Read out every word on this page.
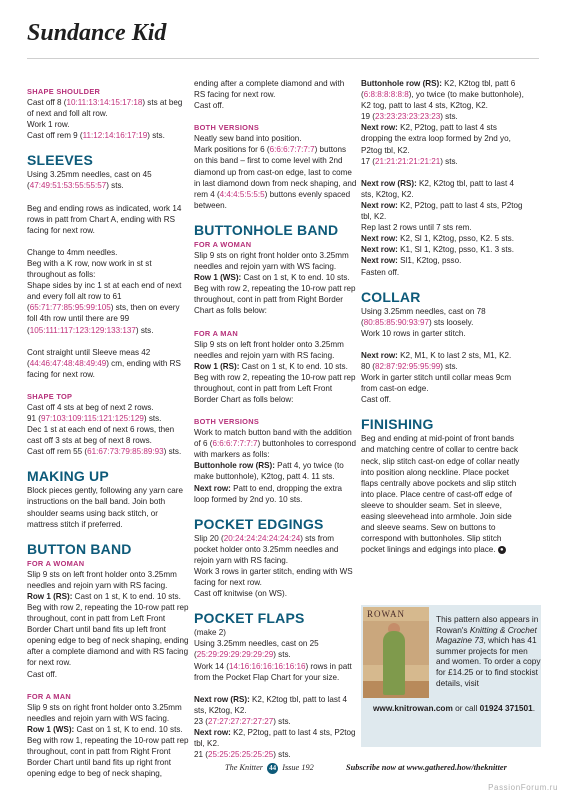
Sundance Kid
SHAPE SHOULDER

Cast off 8 (10:11:13:14:15:17:18) sts at beg of next and foll alt row.
Work 1 row.
Cast off rem 9 (11:12:14:16:17:19) sts.

SLEEVES

Using 3.25mm needles, cast on 45 (47:49:51:53:55:55:57) sts.

Beg and ending rows as indicated, work 14 rows in patt from Chart A, ending with RS facing for next row.

Change to 4mm needles.
Beg with a K row, now work in st st throughout as folls:
Shape sides by inc 1 st at each end of next and every foll alt row to 61 (65:71:77:85:95:99:105) sts, then on every foll 4th row until there are 99 (105:111:117:123:129:133:137) sts.

Cont straight until Sleeve meas 42 (44:46:47:48:48:49:49) cm, ending with RS facing for next row.

SHAPE TOP

Cast off 4 sts at beg of next 2 rows.
91 (97:103:109:115:121:125:129) sts.
Dec 1 st at each end of next 6 rows, then cast off 3 sts at beg of next 8 rows.
Cast off rem 55 (61:67:73:79:85:89:93) sts.

MAKING UP

Block pieces gently, following any yarn care instructions on the ball band. Join both shoulder seams using back stitch, or mattress stitch if preferred.

BUTTON BAND
FOR A WOMAN

Slip 9 sts on left front holder onto 3.25mm needles and rejoin yarn with RS facing.
Row 1 (RS): Cast on 1 st, K to end. 10 sts.
Beg with row 2, repeating the 10-row patt rep throughout, cont in patt from Left Front Border Chart until band fits up left front opening edge to beg of neck shaping, ending after a complete diamond and with RS facing for next row.
Cast off.

FOR A MAN

Slip 9 sts on right front holder onto 3.25mm needles and rejoin yarn with WS facing.
Row 1 (WS): Cast on 1 st, K to end. 10 sts.
Beg with row 1, repeating the 10-row patt rep throughout, cont in patt from Right Front Border Chart until band fits up right front opening edge to beg of neck shaping,

ending after a complete diamond and with RS facing for next row.
Cast off.

BOTH VERSIONS

Neatly sew band into position.
Mark positions for 6 (6:6:6:7:7:7:7) buttons on this band – first to come level with 2nd diamond up from cast-on edge, last to come in last diamond down from neck shaping, and rem 4 (4:4:4:5:5:5:5) buttons evenly spaced between.

BUTTONHOLE BAND
FOR A WOMAN

Slip 9 sts on right front holder onto 3.25mm needles and rejoin yarn with WS facing.
Row 1 (WS): Cast on 1 st, K to end. 10 sts.
Beg with row 2, repeating the 10-row patt rep throughout, cont in patt from Right Border Chart as folls below:

FOR A MAN

Slip 9 sts on left front holder onto 3.25mm needles and rejoin yarn with RS facing.
Row 1 (RS): Cast on 1 st, K to end. 10 sts.
Beg with row 2, repeating the 10-row patt rep throughout, cont in patt from Left Front Border Chart as folls below:

BOTH VERSIONS

Work to match button band with the addition of 6 (6:6:6:7:7:7:7) buttonholes to correspond with markers as folls:
Buttonhole row (RS): Patt 4, yo twice (to make buttonhole), K2tog, patt 4. 11 sts.
Next row: Patt to end, dropping the extra loop formed by 2nd yo. 10 sts.

POCKET EDGINGS

Slip 20 (20:24:24:24:24:24:24) sts from pocket holder onto 3.25mm needles and rejoin yarn with RS facing.
Work 3 rows in garter stitch, ending with WS facing for next row.
Cast off knitwise (on WS).

POCKET FLAPS

(make 2)

Using 3.25mm needles, cast on 25 (25:29:29:29:29:29:29) sts.
Work 14 (14:16:16:16:16:16:16) rows in patt from the Pocket Flap Chart for your size.

Next row (RS): K2, K2tog tbl, patt to last 4 sts, K2tog, K2.
23 (27:27:27:27:27:27) sts.
Next row: K2, P2tog, patt to last 4 sts, P2tog tbl, K2.
21 (25:25:25:25:25:25) sts.

Buttonhole row (RS): K2, K2tog tbl, patt 6 (6:8:8:8:8:8:8), yo twice (to make buttonhole), K2 tog, patt to last 4 sts, K2tog, K2.
19 (23:23:23:23:23:23) sts.
Next row: K2, P2tog, patt to last 4 sts dropping the extra loop formed by 2nd yo, P2tog tbl, K2.
17 (21:21:21:21:21:21) sts.

Next row (RS): K2, K2tog tbl, patt to last 4 sts, K2tog, K2.
Next row: K2, P2tog, patt to last 4 sts, P2tog tbl, K2.
Rep last 2 rows until 7 sts rem.
Next row: K2, Sl 1, K2tog, psso, K2. 5 sts.
Next row: K1, Sl 1, K2tog, psso, K1. 3 sts.
Next row: Sl1, K2tog, psso.
Fasten off.

COLLAR

Using 3.25mm needles, cast on 78 (80:85:85:90:93:97) sts loosely.
Work 10 rows in garter stitch.

Next row: K2, M1, K to last 2 sts, M1, K2.
80 (82:87:92:95:95:99) sts.
Work in garter stitch until collar meas 9cm from cast-on edge.
Cast off.

FINISHING

Beg and ending at mid-point of front bands and matching centre of collar to centre back neck, slip stitch cast-on edge of collar neatly into position along neckline. Place pocket flaps centrally above pockets and slip stitch into place. Place centre of cast-off edge of sleeve to shoulder seam. Set in sleeve, easing sleevehead into armhole. Join side and sleeve seams. Sew on buttons to correspond with buttonholes. Slip stitch pocket linings and edgings into place. ●

ROWAN	This pattern also appears in Rowan's Knitting & Crochet Magazine 73, which has 41 summer projects for men and women. To order a copy for £14.25 or to find stockist details, visit
www.knitrowan.com or call 01924 371501.
The Knitter 44 Issue 192	Subscribe now at www.gathered.how/theknitter
PassionForum.ru
